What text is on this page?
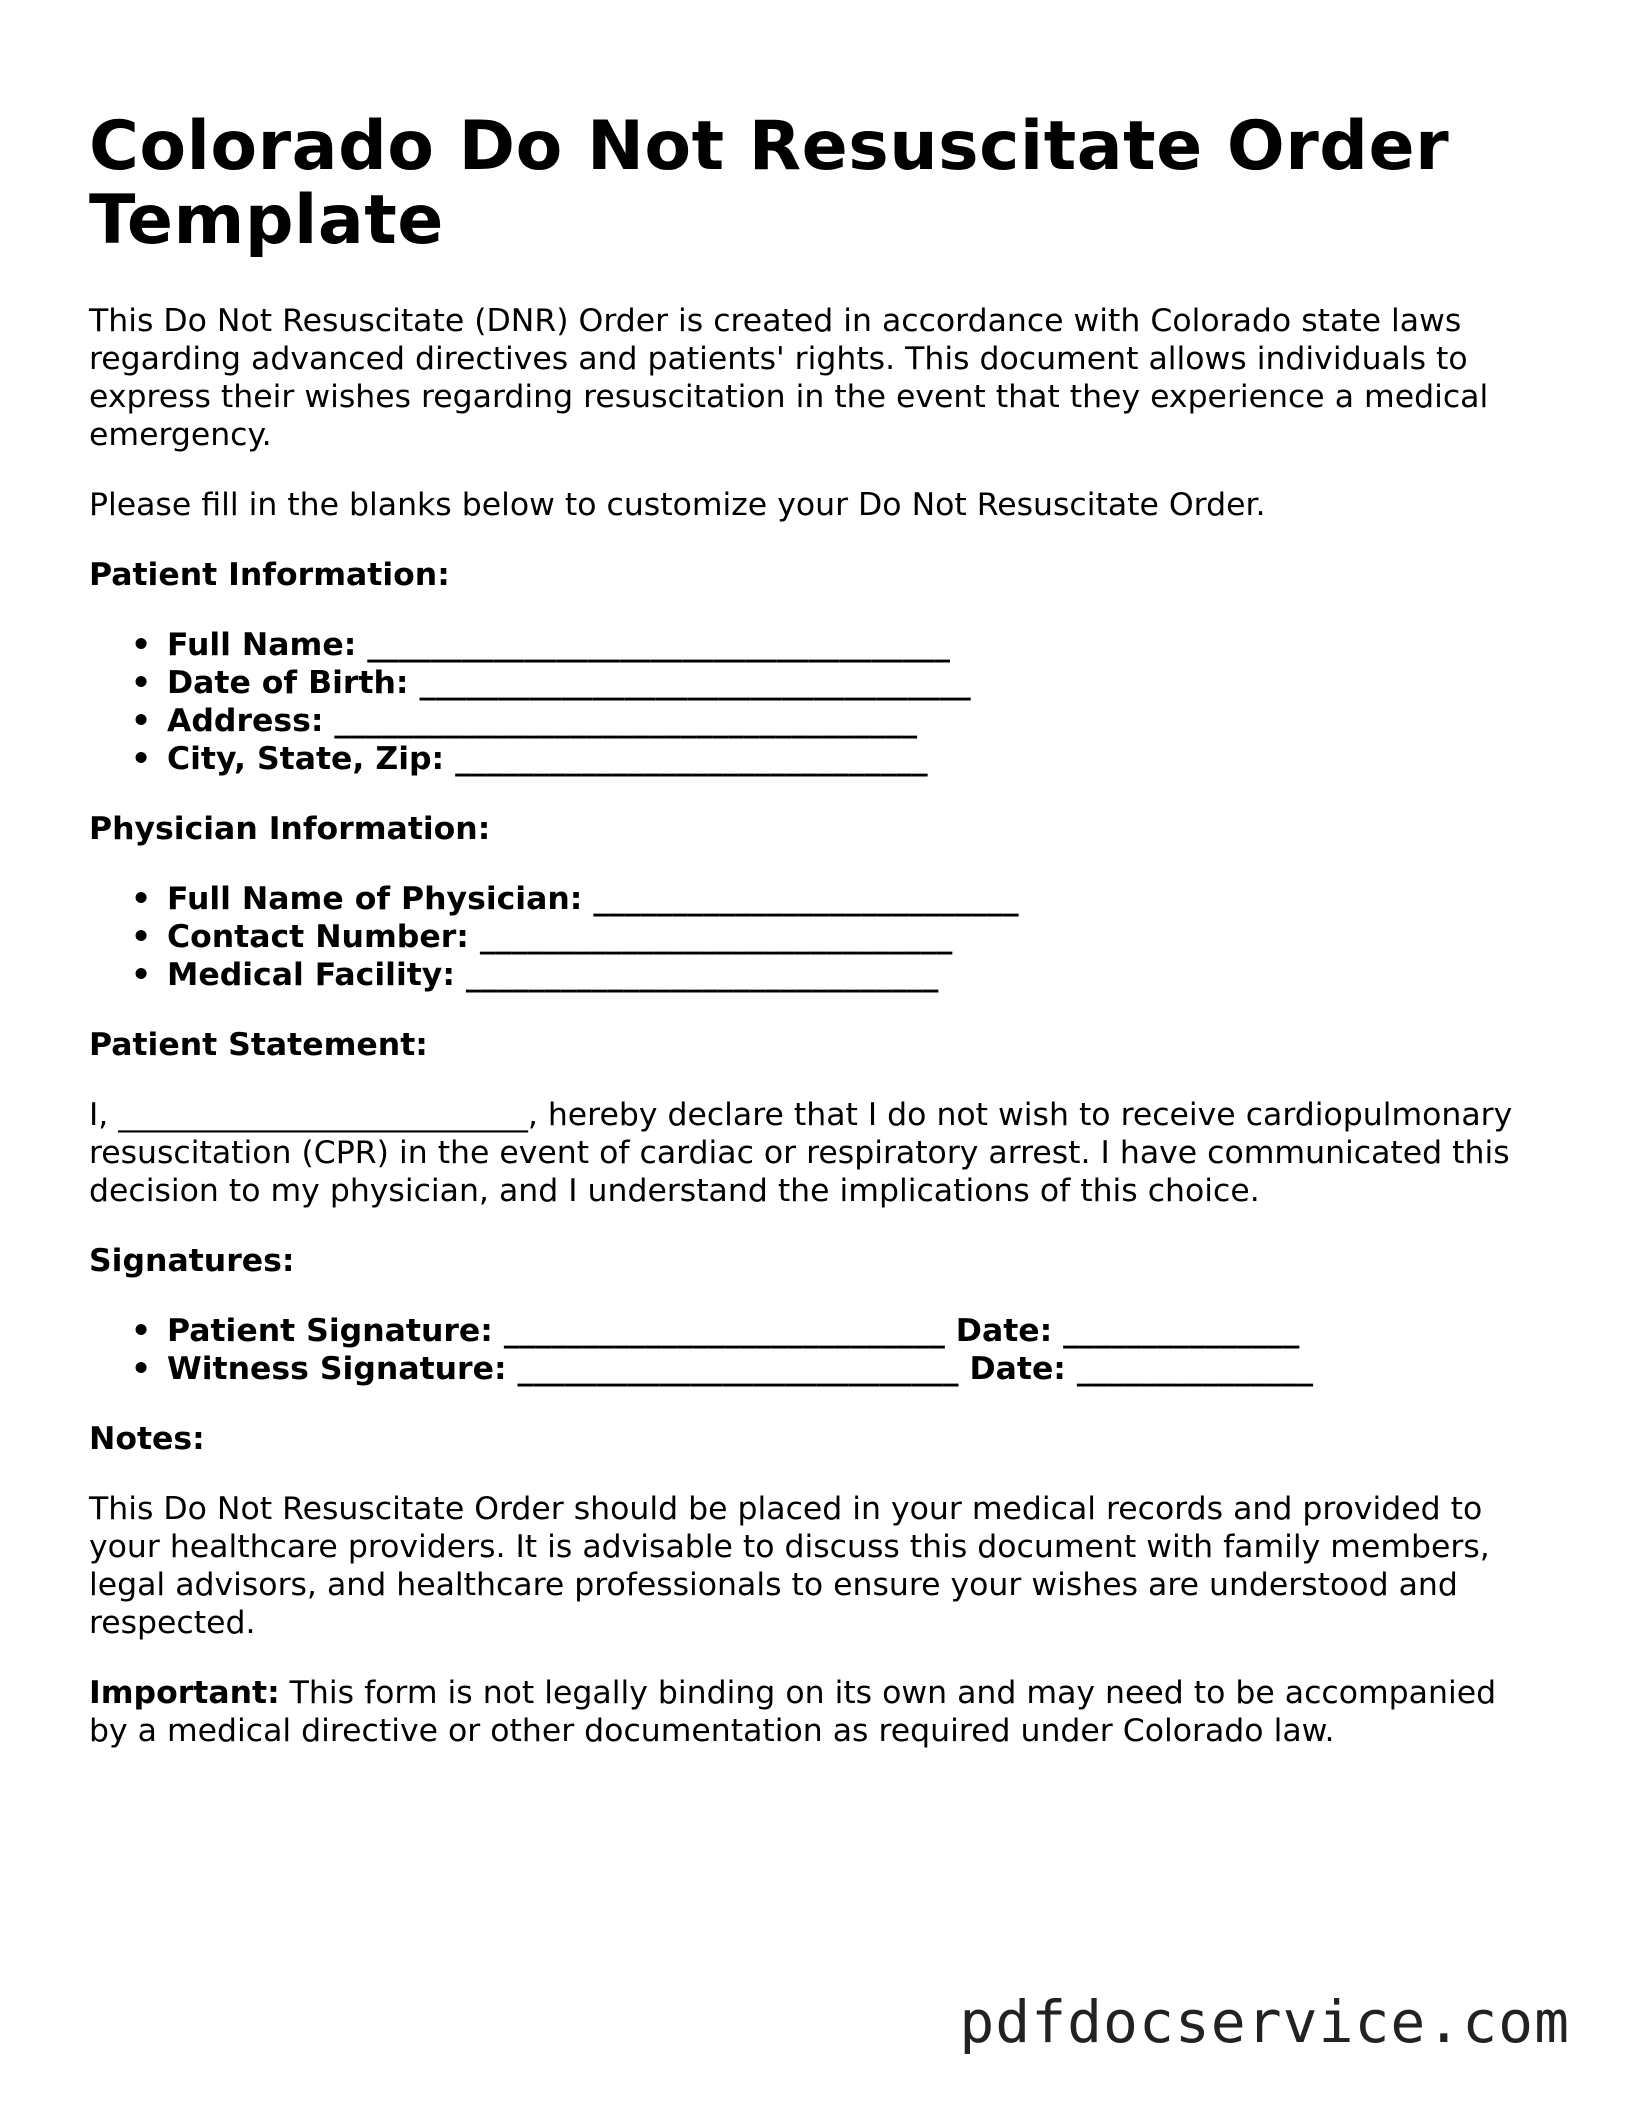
Colorado Do Not Resuscitate Order Template

This Do Not Resuscitate (DNR) Order is created in accordance with Colorado state laws regarding advanced directives and patients' rights. This document allows individuals to express their wishes regarding resuscitation in the event that they experience a medical emergency.

Please fill in the blanks below to customize your Do Not Resuscitate Order.

Patient Information:

• Full Name: _____________________________________
• Date of Birth: ___________________________________
• Address: _____________________________________
• City, State, Zip: ______________________________

Physician Information:

• Full Name of Physician: ___________________________
• Contact Number: ______________________________
• Medical Facility: ______________________________

Patient Statement:

I, __________________________, hereby declare that I do not wish to receive cardiopulmonary resuscitation (CPR) in the event of cardiac or respiratory arrest. I have communicated this decision to my physician, and I understand the implications of this choice.

Signatures:

• Patient Signature: ____________________________ Date: _______________
• Witness Signature: ____________________________ Date: _______________

Notes:

This Do Not Resuscitate Order should be placed in your medical records and provided to your healthcare providers. It is advisable to discuss this document with family members, legal advisors, and healthcare professionals to ensure your wishes are understood and respected.

Important: This form is not legally binding on its own and may need to be accompanied by a medical directive or other documentation as required under Colorado law.

pdfdocservice.com
